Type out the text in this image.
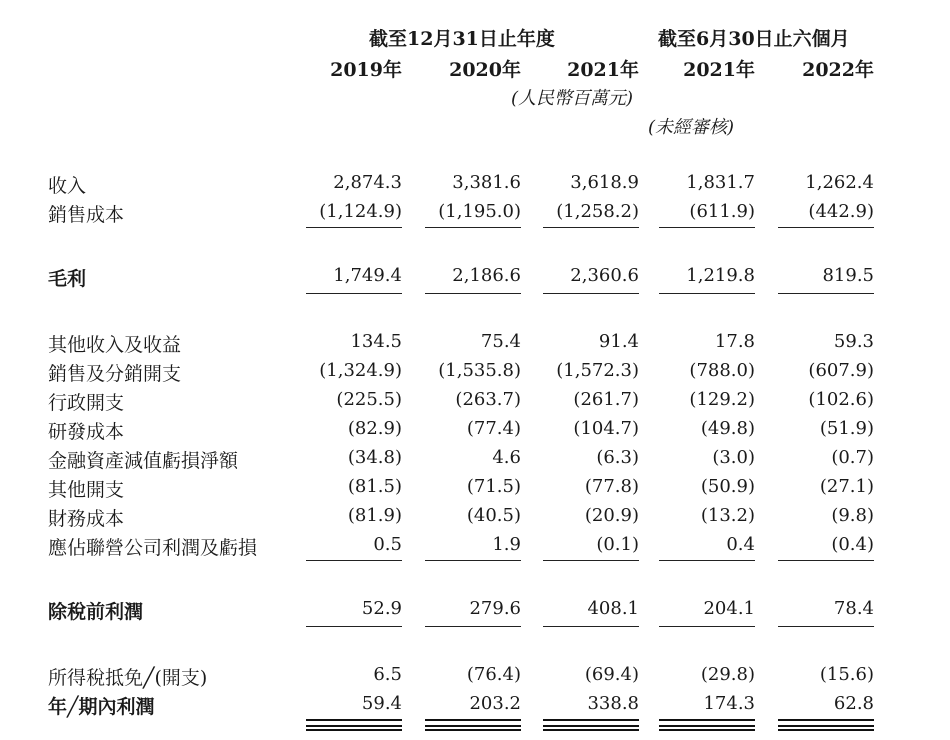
截至12月31日止年度	截至6月30日止六個月
2019年	2020年	2021年	2021年	2022年
(人民幣百萬元)
(未經審核)
收入	2,874.3	3,381.6	3,618.9	1,831.7	1,262.4
銷售成本	(1,124.9)	(1,195.0)	(1,258.2)	(611.9)	(442.9)
毛利	1,749.4	2,186.6	2,360.6	1,219.8	819.5
其他收入及收益	134.5	75.4	91.4	17.8	59.3
銷售及分銷開支	(1,324.9)	(1,535.8)	(1,572.3)	(788.0)	(607.9)
行政開支	(225.5)	(263.7)	(261.7)	(129.2)	(102.6)
研發成本	(82.9)	(77.4)	(104.7)	(49.8)	(51.9)
金融資產減值虧損淨額	(34.8)	4.6	(6.3)	(3.0)	(0.7)
其他開支	(81.5)	(71.5)	(77.8)	(50.9)	(27.1)
財務成本	(81.9)	(40.5)	(20.9)	(13.2)	(9.8)
應佔聯營公司利潤及虧損	0.5	1.9	(0.1)	0.4	(0.4)
除稅前利潤	52.9	279.6	408.1	204.1	78.4
所得稅抵免╱(開支)	6.5	(76.4)	(69.4)	(29.8)	(15.6)
年╱期內利潤	59.4	203.2	338.8	174.3	62.8
